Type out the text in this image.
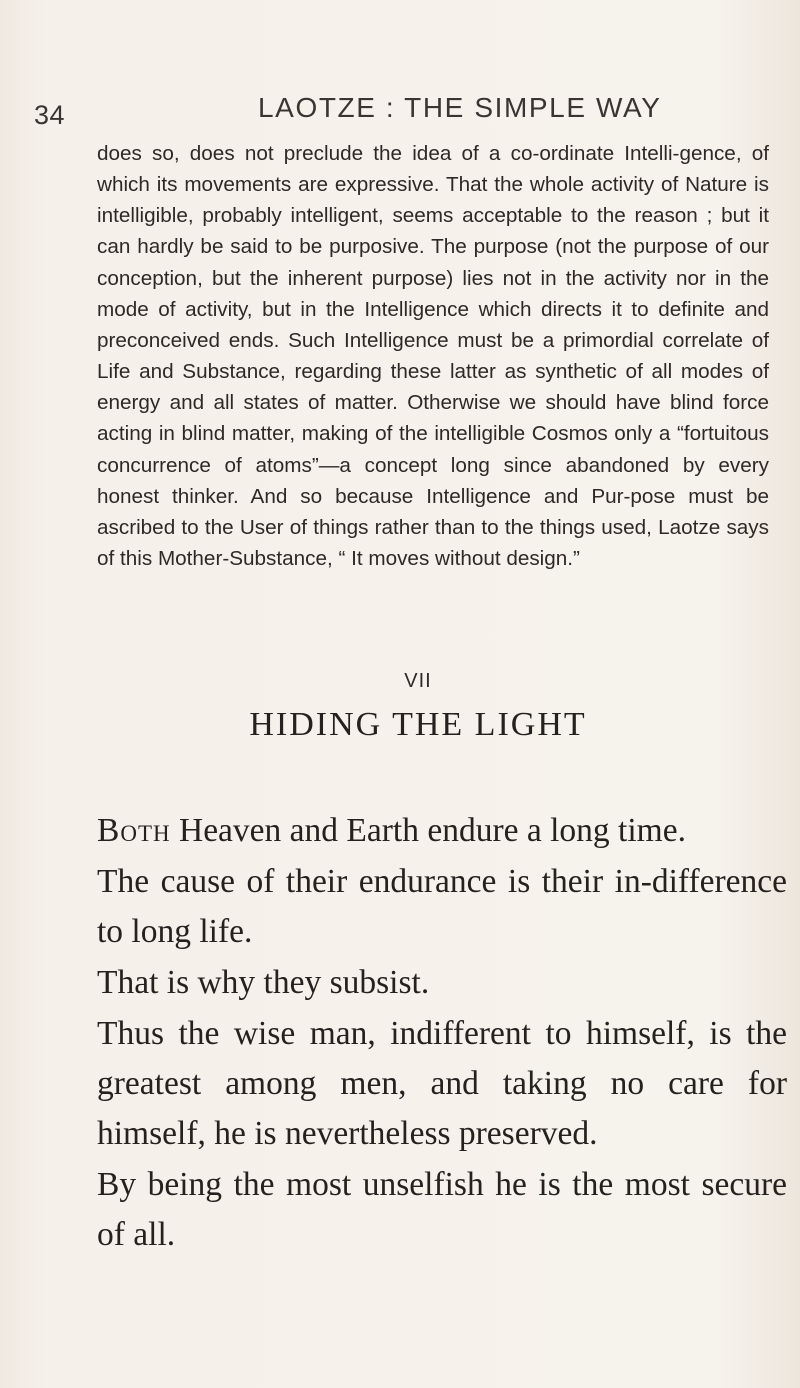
34	LAOTZE : THE SIMPLE WAY

does so, does not preclude the idea of a co-ordinate Intelli-gence, of which its movements are expressive. That the whole activity of Nature is intelligible, probably intelligent, seems acceptable to the reason ; but it can hardly be said to be purposive. The purpose (not the purpose of our conception, but the inherent purpose) lies not in the activity nor in the mode of activity, but in the Intelligence which directs it to definite and preconceived ends. Such Intelligence must be a primordial correlate of Life and Substance, regarding these latter as synthetic of all modes of energy and all states of matter. Otherwise we should have blind force acting in blind matter, making of the intelligible Cosmos only a “fortuitous concurrence of atoms”—a concept long since abandoned by every honest thinker. And so because Intelligence and Pur-pose must be ascribed to the User of things rather than to the things used, Laotze says of this Mother-Substance, “ It moves without design.”

VII
HIDING THE LIGHT

Both Heaven and Earth endure a long time.

The cause of their endurance is their in-difference to long life.

That is why they subsist.

Thus the wise man, indifferent to himself, is the greatest among men, and taking no care for himself, he is nevertheless preserved.

By being the most unselfish he is the most secure of all.
